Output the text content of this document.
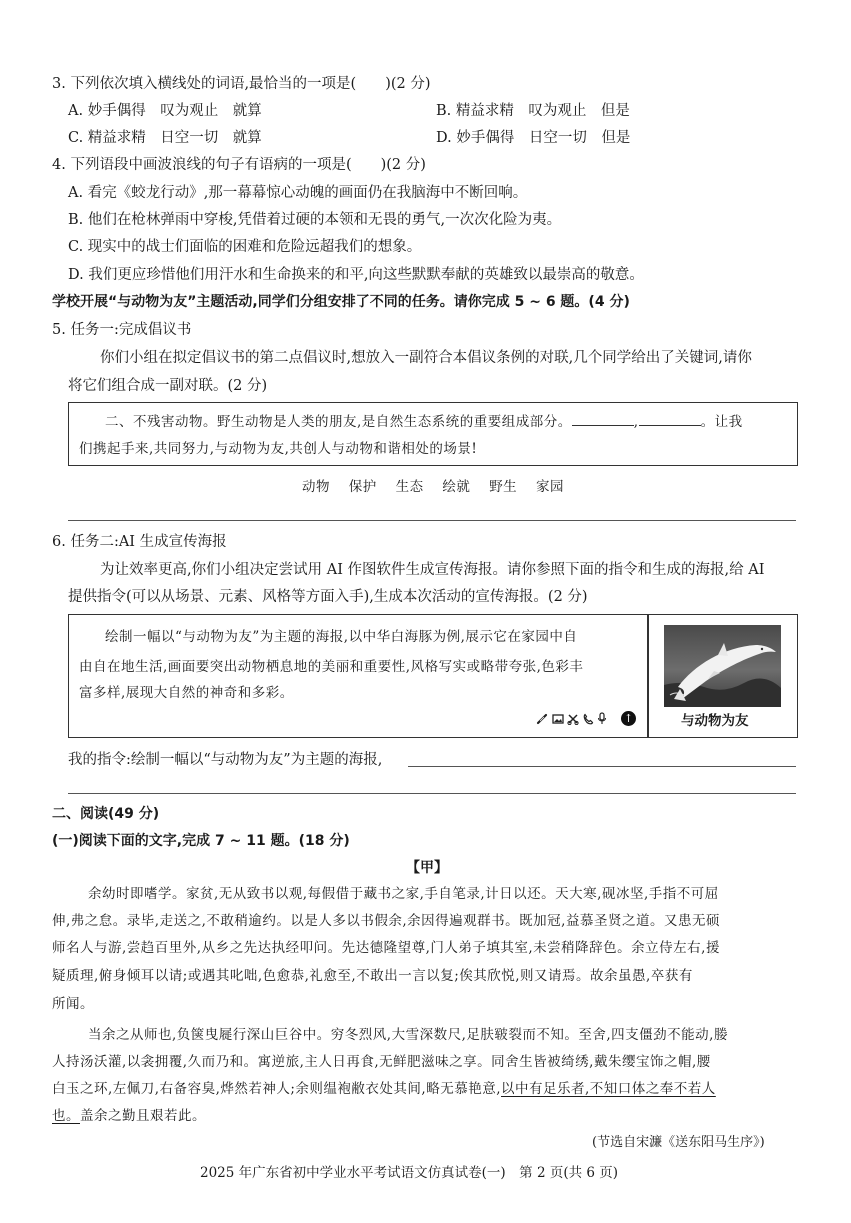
3. 下列依次填入横线处的词语,最恰当的一项是(　　)(2 分)
A. 妙手偶得　叹为观止　就算	B. 精益求精　叹为观止　但是
C. 精益求精　日空一切　就算	D. 妙手偶得　日空一切　但是
4. 下列语段中画波浪线的句子有语病的一项是(　　)(2 分)
A. 看完《蛟龙行动》,那一幕幕惊心动魄的画面仍在我脑海中不断回响。
B. 他们在枪林弹雨中穿梭,凭借着过硬的本领和无畏的勇气,一次次化险为夷。
C. 现实中的战士们面临的困难和危险远超我们的想象。
D. 我们更应珍惜他们用汗水和生命换来的和平,向这些默默奉献的英雄致以最崇高的敬意。
学校开展“与动物为友”主题活动,同学们分组安排了不同的任务。请你完成 5 ~ 6 题。(4 分)
5. 任务一:完成倡议书
你们小组在拟定倡议书的第二点倡议时,想放入一副符合本倡议条例的对联,几个同学给出了关键词,请你
将它们组合成一副对联。(2 分)
二、不残害动物。野生动物是人类的朋友,是自然生态系统的重要组成部分。	,	。让我
们携起手来,共同努力,与动物为友,共创人与动物和谐相处的场景!
动物  保护  生态  绘就  野生  家园
6. 任务二:AI 生成宣传海报
为让效率更高,你们小组决定尝试用 AI 作图软件生成宣传海报。请你参照下面的指令和生成的海报,给 AI
提供指令(可以从场景、元素、风格等方面入手),生成本次活动的宣传海报。(2 分)
绘制一幅以“与动物为友”为主题的海报,以中华白海豚为例,展示它在家园中自
由自在地生活,画面要突出动物栖息地的美丽和重要性,风格写实或略带夸张,色彩丰
富多样,展现大自然的神奇和多彩。
↑	与动物为友
我的指令:绘制一幅以“与动物为友”为主题的海报,
二、阅读(49 分)
(一)阅读下面的文字,完成 7 ~ 11 题。(18 分)
【甲】
余幼时即嗜学。家贫,无从致书以观,每假借于藏书之家,手自笔录,计日以还。天大寒,砚冰坚,手指不可屈
伸,弗之怠。录毕,走送之,不敢稍逾约。以是人多以书假余,余因得遍观群书。既加冠,益慕圣贤之道。又患无硕
师名人与游,尝趋百里外,从乡之先达执经叩问。先达德隆望尊,门人弟子填其室,未尝稍降辞色。余立侍左右,援
疑质理,俯身倾耳以请;或遇其叱咄,色愈恭,礼愈至,不敢出一言以复;俟其欣悦,则又请焉。故余虽愚,卒获有
所闻。
当余之从师也,负箧曳屣行深山巨谷中。穷冬烈风,大雪深数尺,足肤皲裂而不知。至舍,四支僵劲不能动,媵
人持汤沃灌,以衾拥覆,久而乃和。寓逆旅,主人日再食,无鲜肥滋味之享。同舍生皆被绮绣,戴朱缨宝饰之帽,腰
白玉之环,左佩刀,右备容臭,烨然若神人;余则缊袍敝衣处其间,略无慕艳意,以中有足乐者,不知口体之奉不若人
也。盖余之勤且艰若此。
(节选自宋濂《送东阳马生序》)
2025 年广东省初中学业水平考试语文仿真试卷(一)　第 2 页(共 6 页)
